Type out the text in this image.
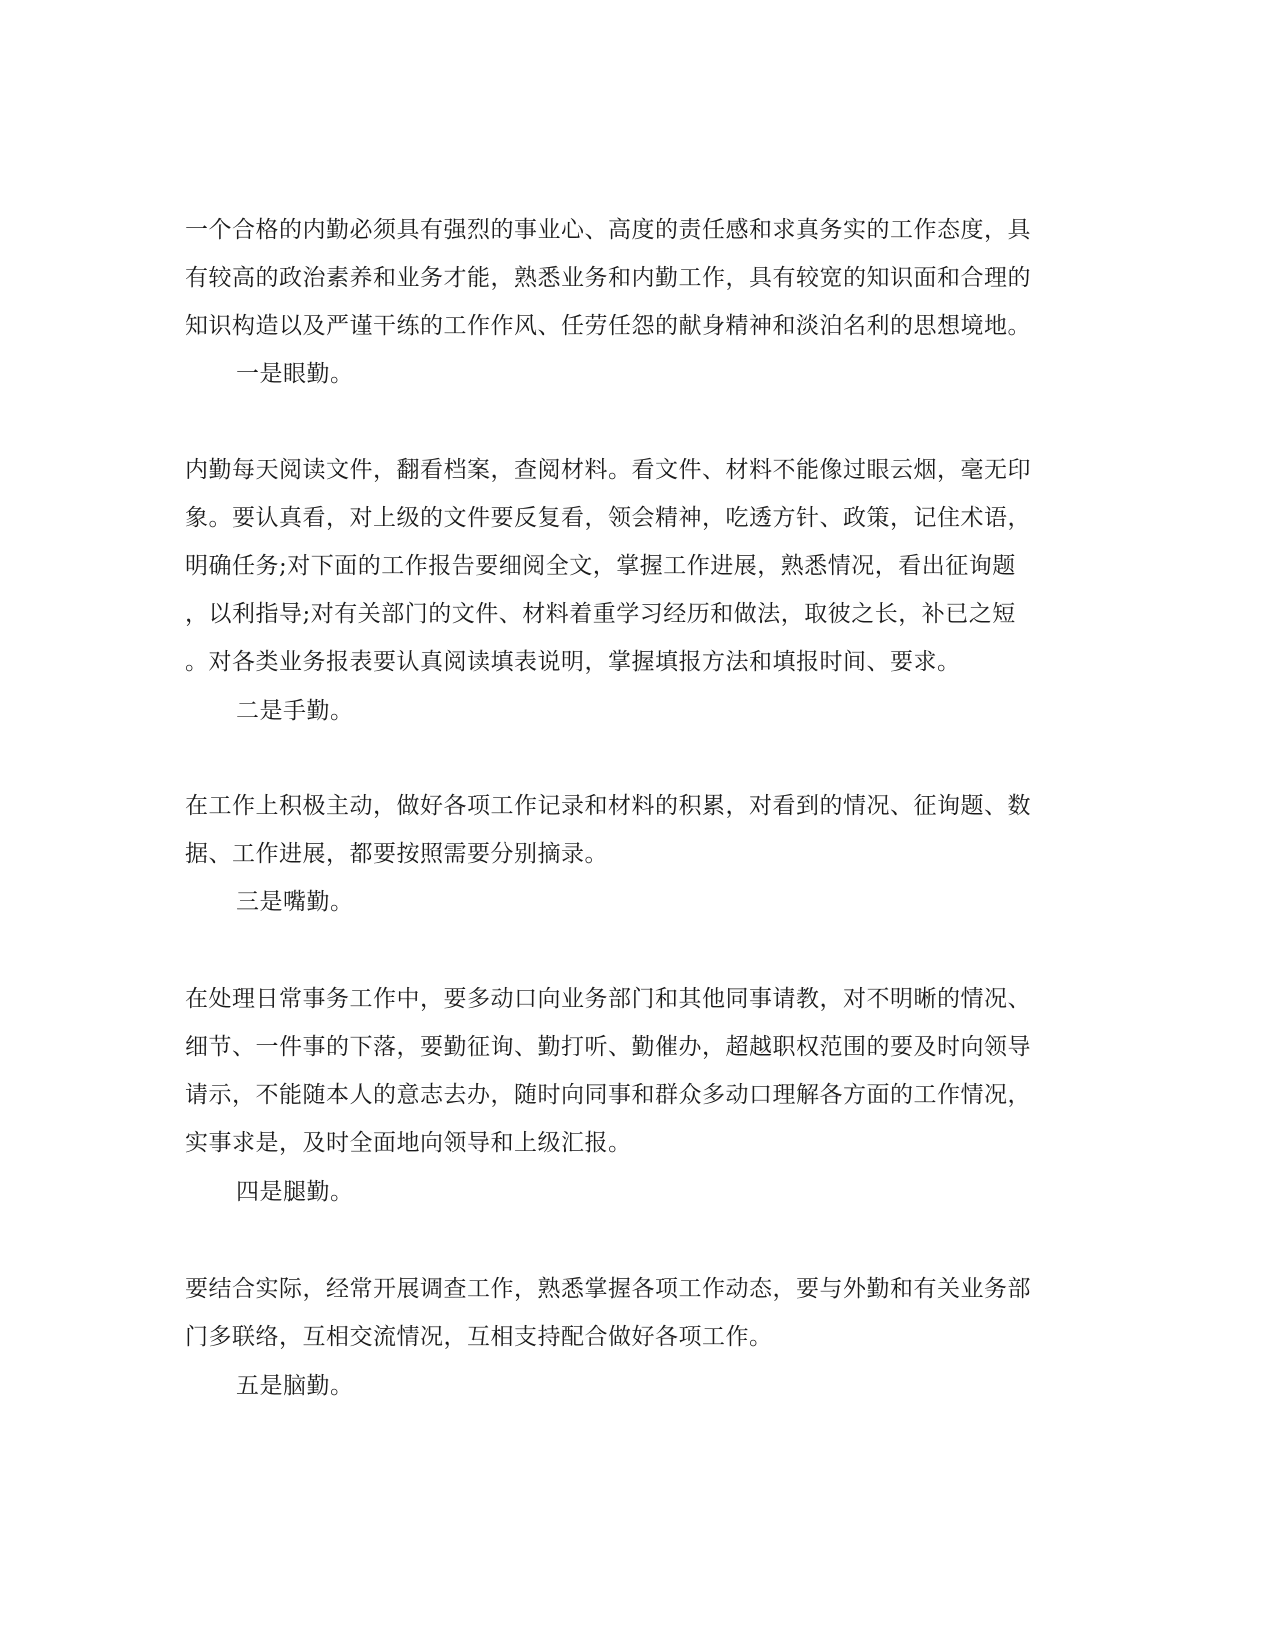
一个合格的内勤必须具有强烈的事业心、高度的责任感和求真务实的工作态度，具
有较高的政治素养和业务才能，熟悉业务和内勤工作，具有较宽的知识面和合理的
知识构造以及严谨干练的工作作风、任劳任怨的献身精神和淡泊名利的思想境地。

一是眼勤。

内勤每天阅读文件，翻看档案，查阅材料。看文件、材料不能像过眼云烟，毫无印
象。要认真看，对上级的文件要反复看，领会精神，吃透方针、政策，记住术语，
明确任务;对下面的工作报告要细阅全文，掌握工作进展，熟悉情况，看出征询题
，以利指导;对有关部门的文件、材料着重学习经历和做法，取彼之长，补已之短
。对各类业务报表要认真阅读填表说明，掌握填报方法和填报时间、要求。

二是手勤。

在工作上积极主动，做好各项工作记录和材料的积累，对看到的情况、征询题、数
据、工作进展，都要按照需要分别摘录。

三是嘴勤。

在处理日常事务工作中，要多动口向业务部门和其他同事请教，对不明晰的情况、
细节、一件事的下落，要勤征询、勤打听、勤催办，超越职权范围的要及时向领导
请示，不能随本人的意志去办，随时向同事和群众多动口理解各方面的工作情况，
实事求是，及时全面地向领导和上级汇报。

四是腿勤。

要结合实际，经常开展调查工作，熟悉掌握各项工作动态，要与外勤和有关业务部
门多联络，互相交流情况，互相支持配合做好各项工作。

五是脑勤。
